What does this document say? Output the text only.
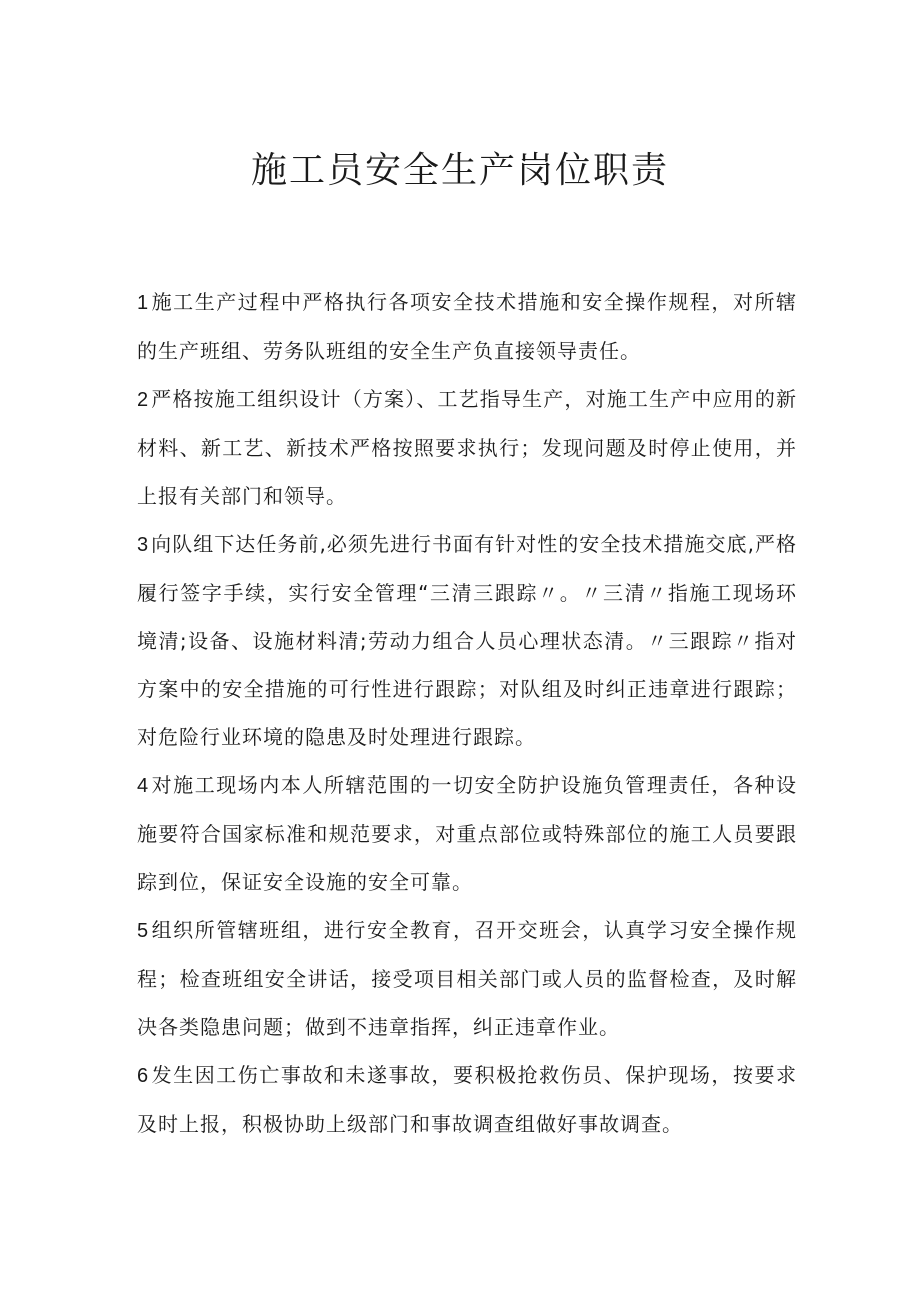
施工员安全生产岗位职责
1 施工生产过程中严格执行各项安全技术措施和安全操作规程，对所辖的生产班组、劳务队班组的安全生产负直接领导责任。
2 严格按施工组织设计（方案）、工艺指导生产，对施工生产中应用的新材料、新工艺、新技术严格按照要求执行；发现问题及时停止使用，并上报有关部门和领导。
3 向队组下达任务前,必须先进行书面有针对性的安全技术措施交底,严格履行签字手续，实行安全管理“三清三跟踪〃。〃三清〃指施工现场环境清;设备、设施材料清;劳动力组合人员心理状态清。〃三跟踪〃指对方案中的安全措施的可行性进行跟踪；对队组及时纠正违章进行跟踪；对危险行业环境的隐患及时处理进行跟踪。
4 对施工现场内本人所辖范围的一切安全防护设施负管理责任，各种设施要符合国家标准和规范要求，对重点部位或特殊部位的施工人员要跟踪到位，保证安全设施的安全可靠。
5 组织所管辖班组，进行安全教育，召开交班会，认真学习安全操作规程；检查班组安全讲话，接受项目相关部门或人员的监督检查，及时解决各类隐患问题；做到不违章指挥，纠正违章作业。
6 发生因工伤亡事故和未遂事故，要积极抢救伤员、保护现场，按要求及时上报，积极协助上级部门和事故调查组做好事故调查。
